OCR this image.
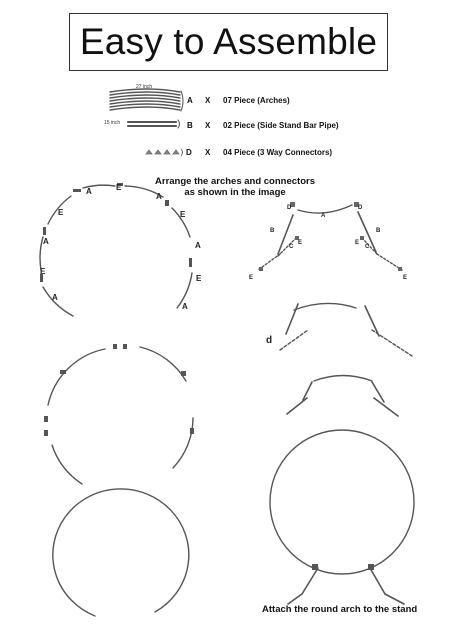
Easy to Assemble
27 inch
A X 07 Piece (Arches)
15 inch	B X 02 Piece (Side Stand Bar Pipe)
D X 04 Piece (3 Way Connectors)
Arrange the arches and connectors
as shown in the image
A	E
A
E	E
A	A
E
E
A
A
A
D	D
B	B
C	C
E	E
E	E
d
Attach the round arch to the stand
